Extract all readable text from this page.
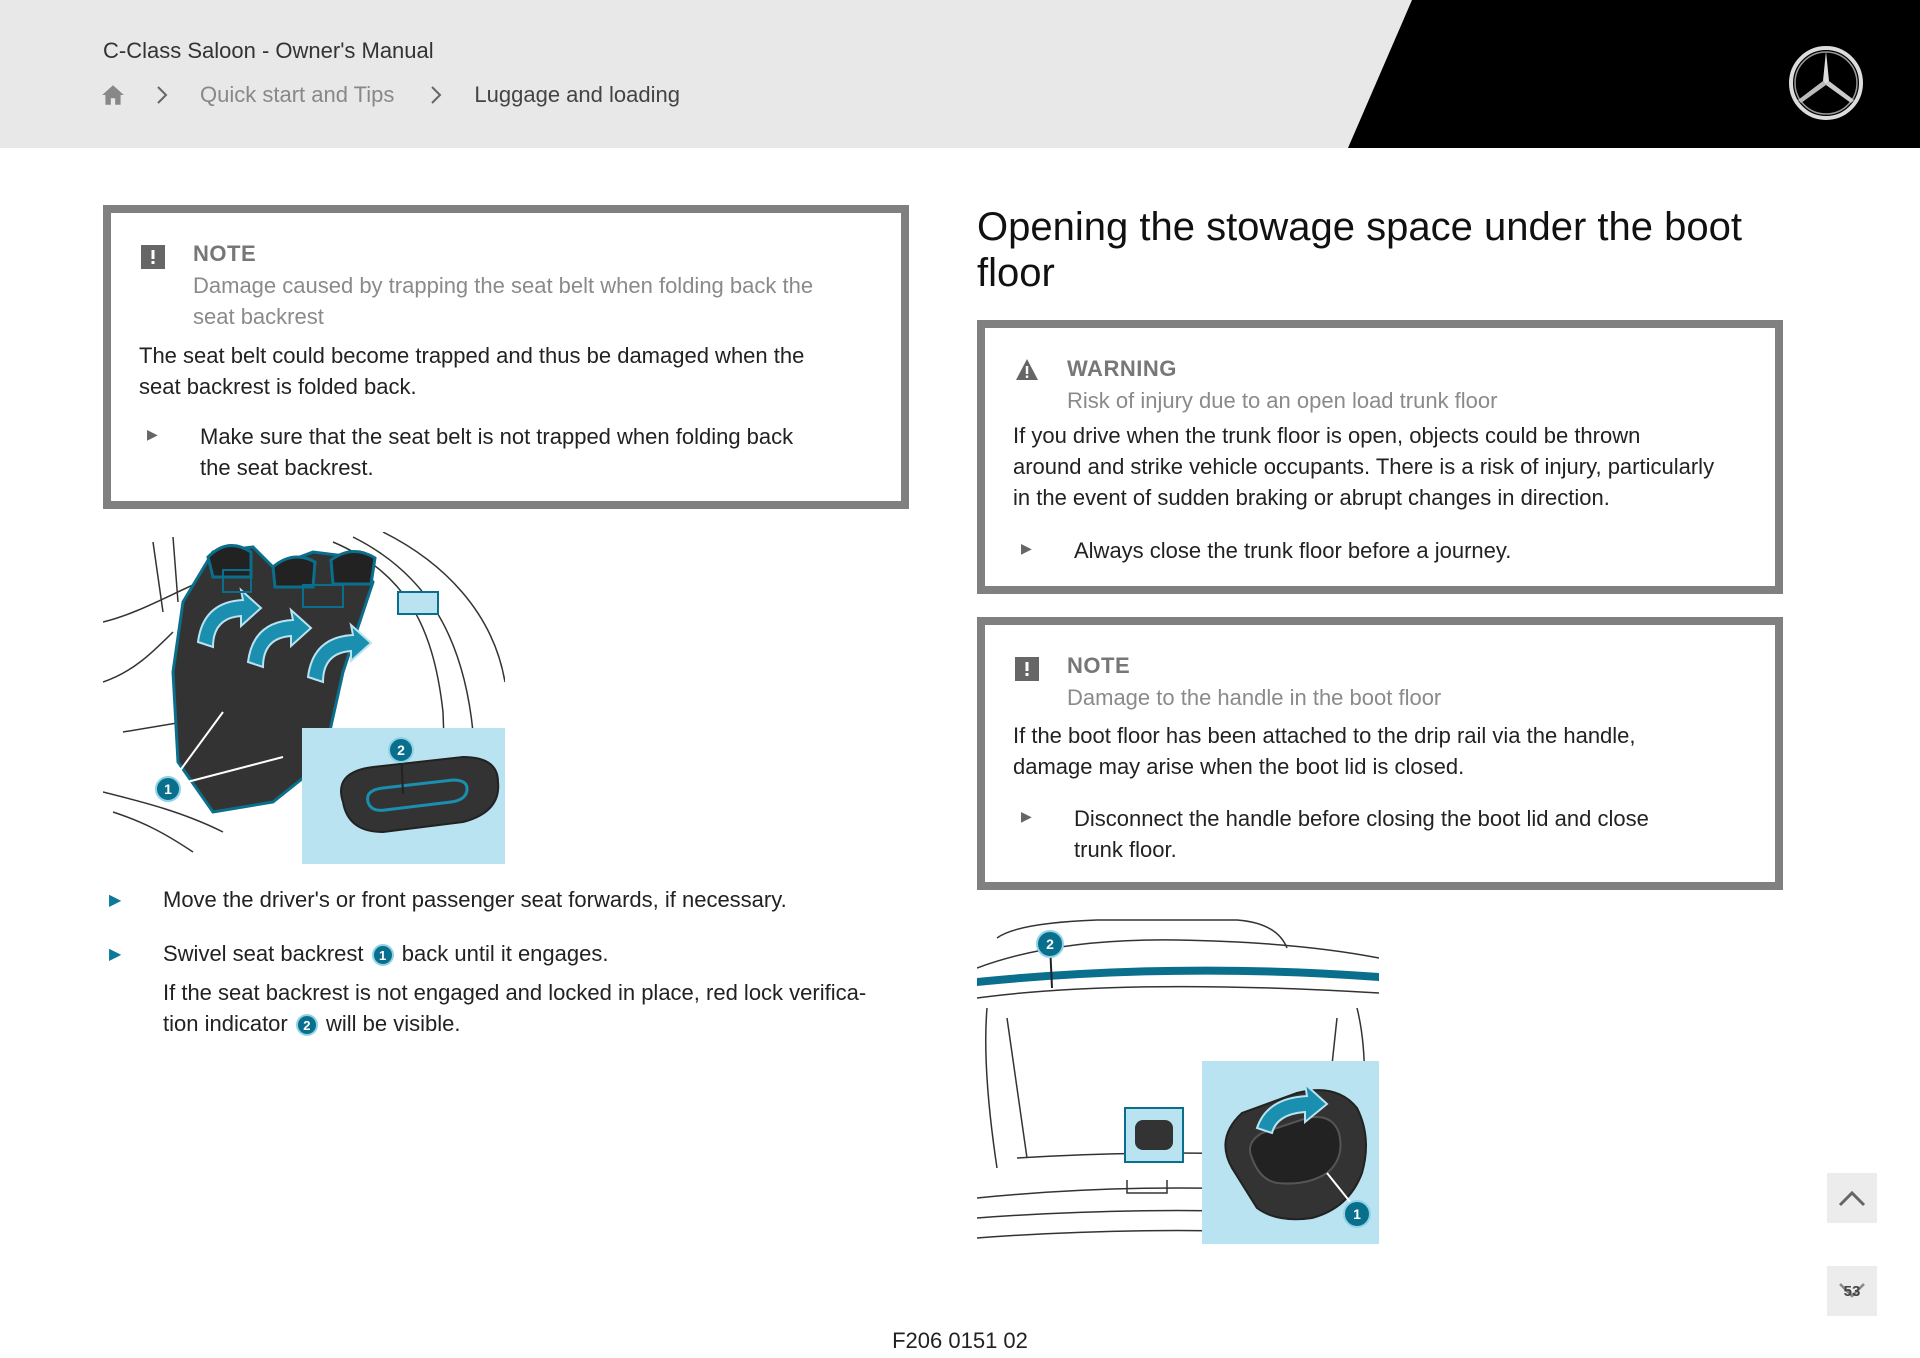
C-Class Saloon - Owner's Manual
Quick start and Tips	Luggage and loading
NOTE
Damage caused by trapping the seat belt when folding back the
seat backrest
The seat belt could become trapped and thus be damaged when the
seat backrest is folded back.
▶ Make sure that the seat belt is not trapped when folding back
the seat backrest.
1
2
▶ Move the driver's or front passenger seat forwards, if necessary.
▶ Swivel seat backrest 1 back until it engages.
If the seat backrest is not engaged and locked in place, red lock verifica-
tion indicator 2 will be visible.
Opening the stowage space under the boot floor
WARNING
Risk of injury due to an open load trunk floor
If you drive when the trunk floor is open, objects could be thrown
around and strike vehicle occupants. There is a risk of injury, particularly
in the event of sudden braking or abrupt changes in direction.
▶ Always close the trunk floor before a journey.
NOTE
Damage to the handle in the boot floor
If the boot floor has been attached to the drip rail via the handle,
damage may arise when the boot lid is closed.
▶ Disconnect the handle before closing the boot lid and close
trunk floor.
2
1
53
F206 0151 02
